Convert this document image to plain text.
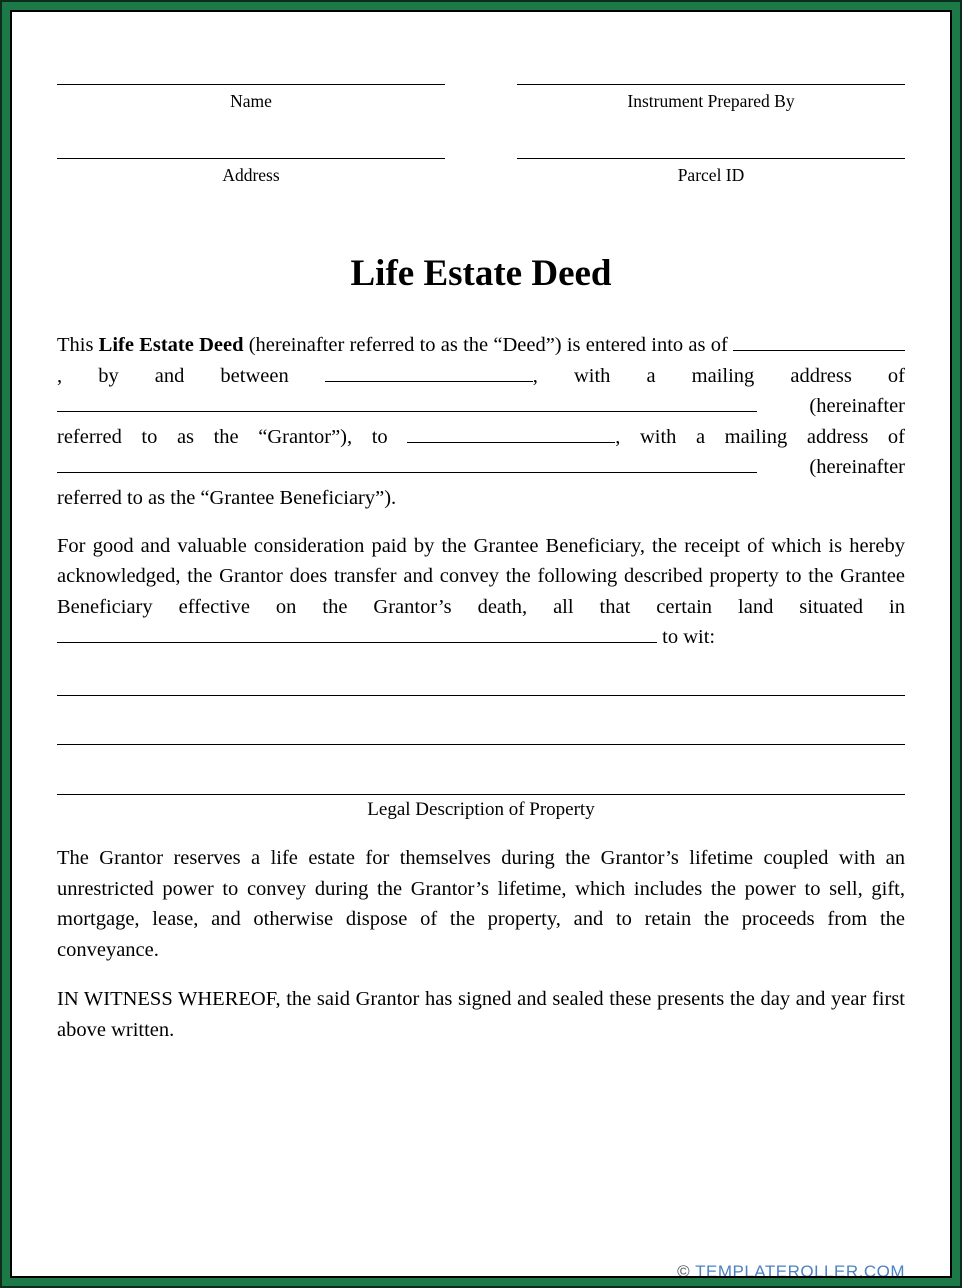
Name	Instrument Prepared By
Address	Parcel ID
Life Estate Deed

This Life Estate Deed (hereinafter referred to as the “Deed”) is entered into as of , by and between	, with a mailing address of  (hereinafter referred to as the “Grantor”), to	, with a mailing address of  (hereinafter referred to as the “Grantee Beneficiary”).

For good and valuable consideration paid by the Grantee Beneficiary, the receipt of which is hereby acknowledged, the Grantor does transfer and convey the following described property to the Grantee Beneficiary effective on the Grantor’s death, all that certain land situated in  to wit:

Legal Description of Property

The Grantor reserves a life estate for themselves during the Grantor’s lifetime coupled with an unrestricted power to convey during the Grantor’s lifetime, which includes the power to sell, gift, mortgage, lease, and otherwise dispose of the property, and to retain the proceeds from the conveyance.

IN WITNESS WHEREOF, the said Grantor has signed and sealed these presents the day and year first above written.

© TEMPLATEROLLER.COM
